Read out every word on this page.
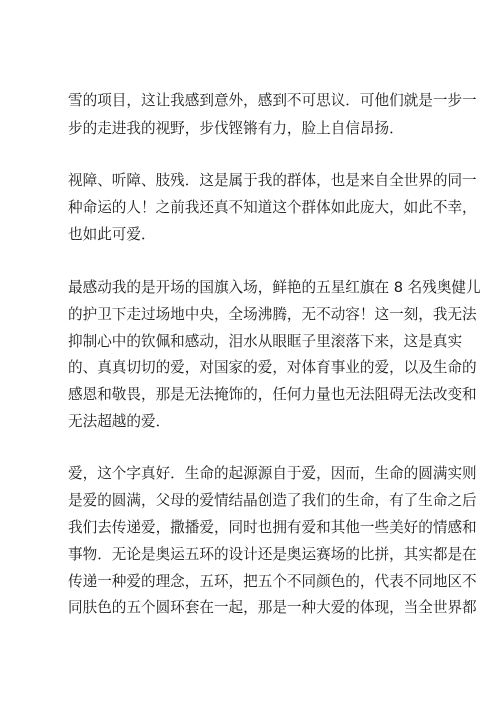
雪的项目，这让我感到意外，感到不可思议．可他们就是一步一
步的走进我的视野，步伐铿锵有力，脸上自信昂扬．
视障、听障、肢残．这是属于我的群体，也是来自全世界的同一
种命运的人！之前我还真不知道这个群体如此庞大，如此不幸，
也如此可爱．
最感动我的是开场的国旗入场，鲜艳的五星红旗在 8 名残奥健儿
的护卫下走过场地中央，全场沸腾，无不动容！这一刻，我无法
抑制心中的钦佩和感动，泪水从眼眶子里滚落下来，这是真实
的、真真切切的爱，对国家的爱，对体育事业的爱，以及生命的
感恩和敬畏，那是无法掩饰的，任何力量也无法阻碍无法改变和
无法超越的爱．
爱，这个字真好．生命的起源源自于爱，因而，生命的圆满实则
是爱的圆满，父母的爱情结晶创造了我们的生命，有了生命之后
我们去传递爱，撒播爱，同时也拥有爱和其他一些美好的情感和
事物．无论是奥运五环的设计还是奥运赛场的比拼，其实都是在
传递一种爱的理念，五环，把五个不同颜色的，代表不同地区不
同肤色的五个圆环套在一起，那是一种大爱的体现，当全世界都
